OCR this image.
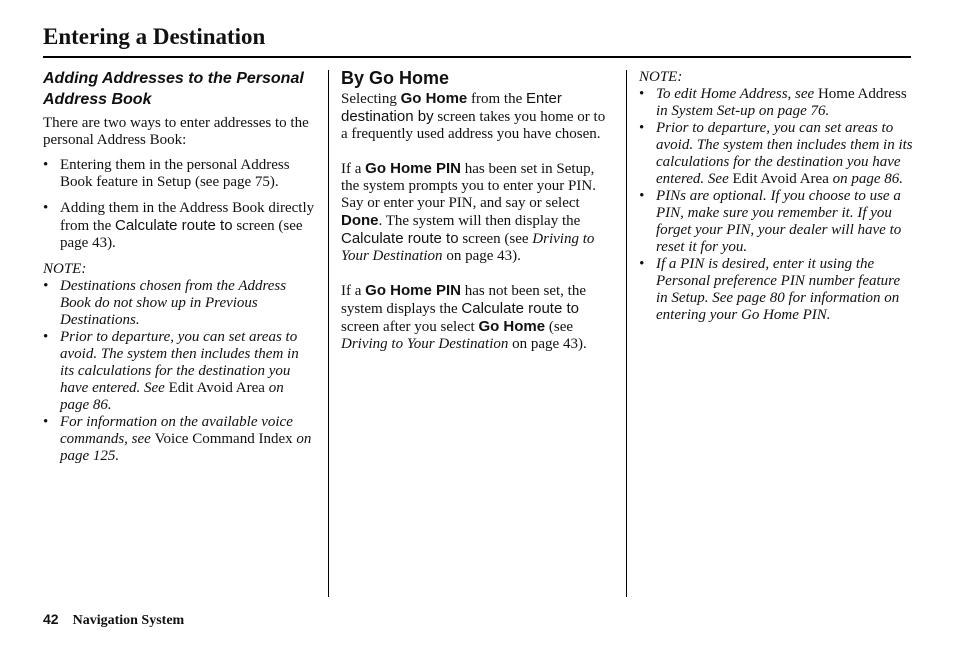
Entering a Destination
Adding Addresses to the Personal Address Book

There are two ways to enter addresses to the personal Address Book:

• Entering them in the personal Address Book feature in Setup (see page 75).
• Adding them in the Address Book directly from the Calculate route to screen (see page 43).

NOTE:

• Destinations chosen from the Address Book do not show up in Previous Destinations.
• Prior to departure, you can set areas to avoid. The system then includes them in its calculations for the destination you have entered. See Edit Avoid Area on page 86.
• For information on the available voice commands, see Voice Command Index on page 125.
By Go Home

Selecting Go Home from the Enter destination by screen takes you home or to a frequently used address you have chosen.

If a Go Home PIN has been set in Setup, the system prompts you to enter your PIN. Say or enter your PIN, and say or select Done. The system will then display the Calculate route to screen (see Driving to Your Destination on page 43).

If a Go Home PIN has not been set, the system displays the Calculate route to screen after you select Go Home (see Driving to Your Destination on page 43).

NOTE:

• To edit Home Address, see Home Address in System Set-up on page 76.
• Prior to departure, you can set areas to avoid. The system then includes them in its calculations for the destination you have entered. See Edit Avoid Area on page 86.
• PINs are optional. If you choose to use a PIN, make sure you remember it. If you forget your PIN, your dealer will have to reset it for you.
• If a PIN is desired, enter it using the Personal preference PIN number feature in Setup. See page 80 for information on entering your Go Home PIN.
42 Navigation System
